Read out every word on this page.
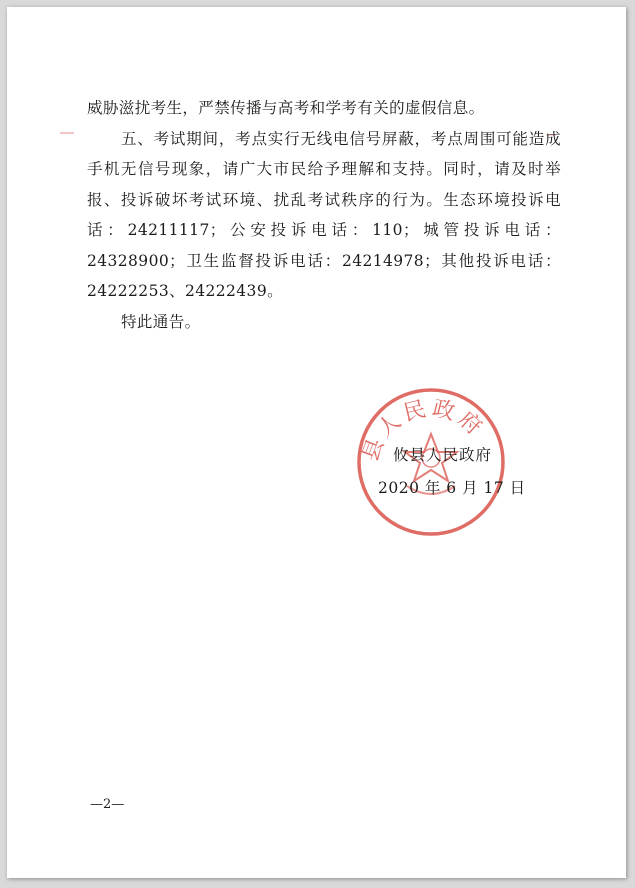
威胁滋扰考生，严禁传播与高考和学考有关的虚假信息。

五、考试期间，考点实行无线电信号屏蔽，考点周围可能造成手机无信号现象，请广大市民给予理解和支持。同时，请及时举报、投诉破坏考试环境、扰乱考试秩序的行为。生态环境投诉电话：24211117；公安投诉电话：110；城管投诉电话：24328900；卫生监督投诉电话：24214978；其他投诉电话：24222253、24222439。

特此通告。

县人民政府
攸县人民政府
2020 年 6 月 17 日
—2—
